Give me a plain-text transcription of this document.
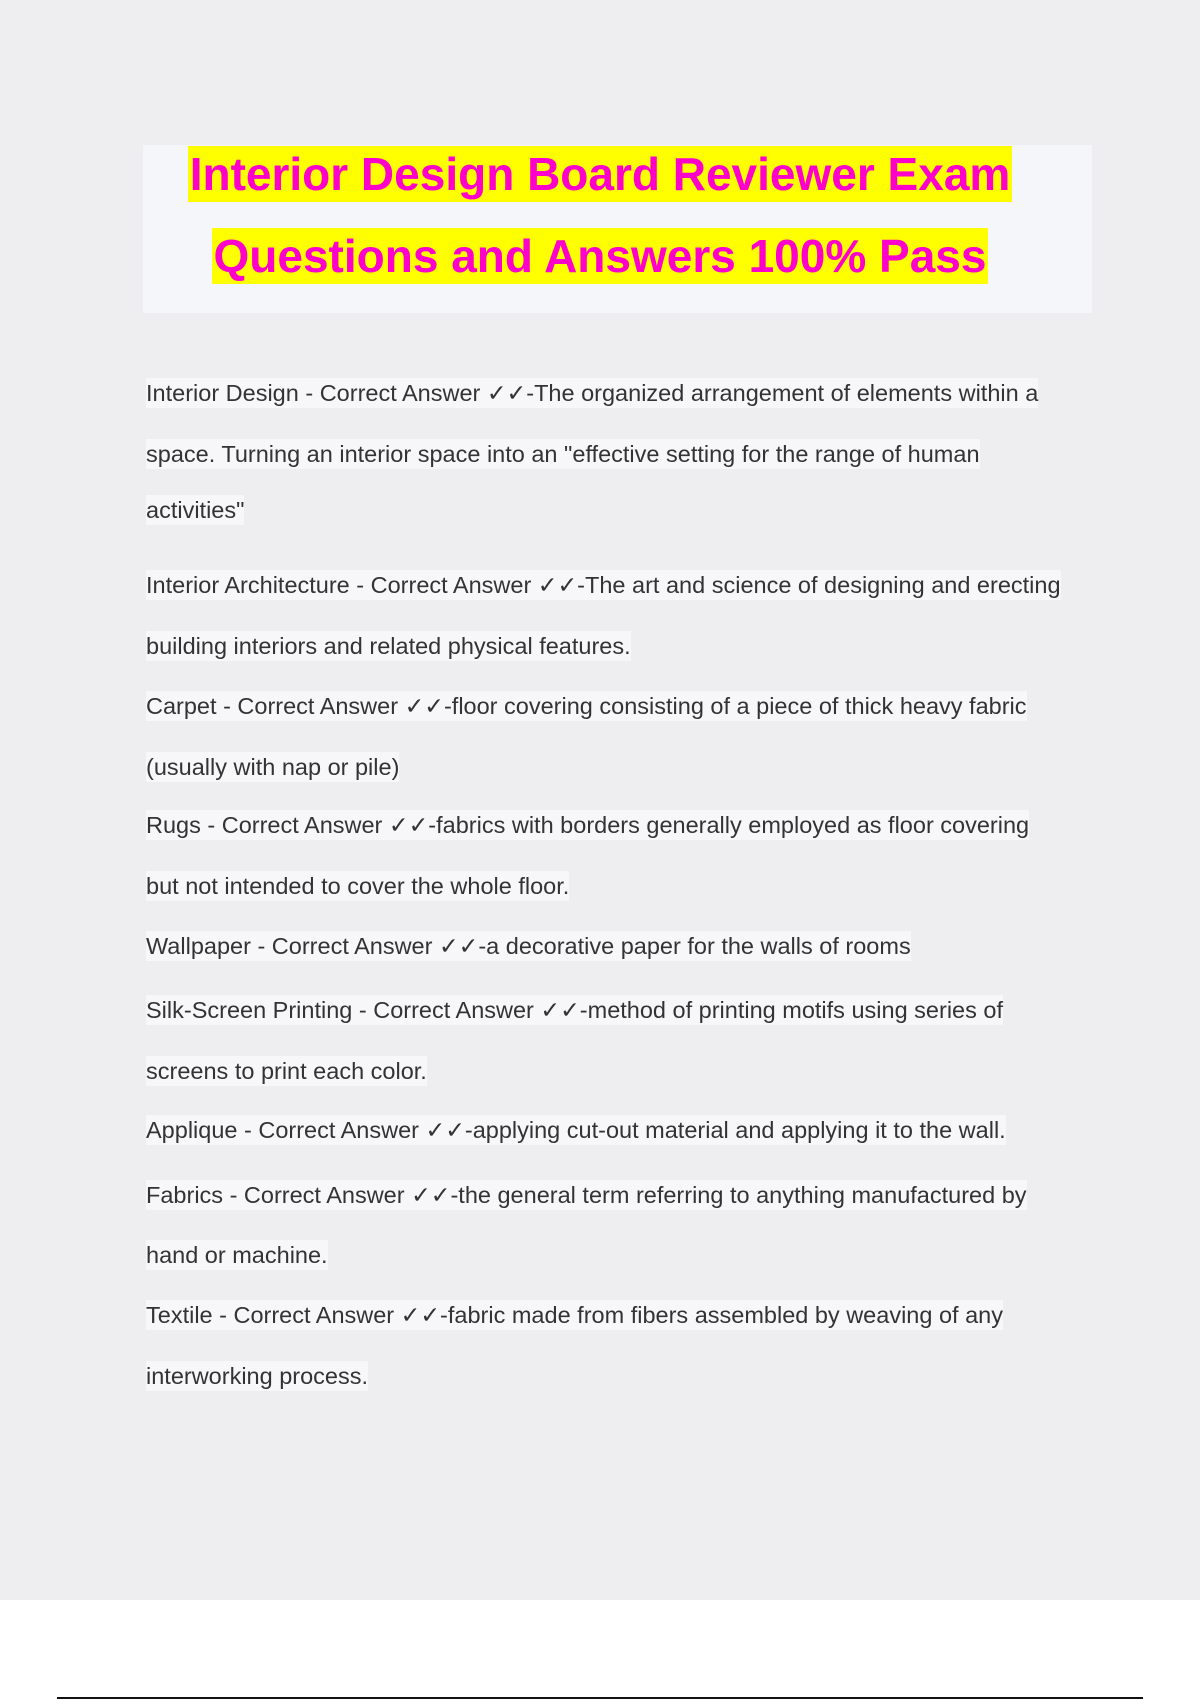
Interior Design Board Reviewer Exam
Questions and Answers 100% Pass
Interior Design - Correct Answer ✓✓-The organized arrangement of elements within a
space. Turning an interior space into an "effective setting for the range of human
activities"
Interior Architecture - Correct Answer ✓✓-The art and science of designing and erecting
building interiors and related physical features.
Carpet - Correct Answer ✓✓-floor covering consisting of a piece of thick heavy fabric
(usually with nap or pile)
Rugs - Correct Answer ✓✓-fabrics with borders generally employed as floor covering
but not intended to cover the whole floor.
Wallpaper - Correct Answer ✓✓-a decorative paper for the walls of rooms
Silk-Screen Printing - Correct Answer ✓✓-method of printing motifs using series of
screens to print each color.
Applique - Correct Answer ✓✓-applying cut-out material and applying it to the wall.
Fabrics - Correct Answer ✓✓-the general term referring to anything manufactured by
hand or machine.
Textile - Correct Answer ✓✓-fabric made from fibers assembled by weaving of any
interworking process.
